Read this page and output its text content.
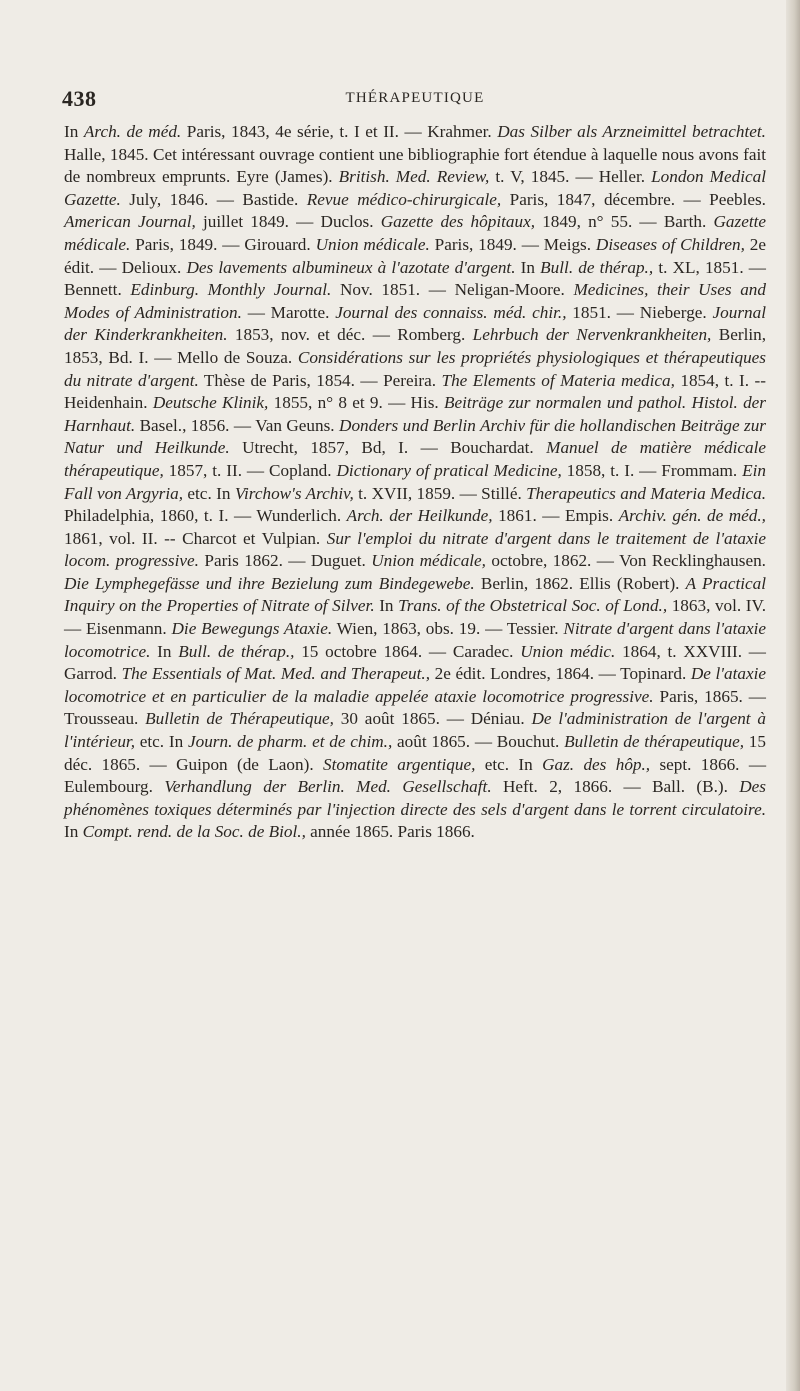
438	THÉRAPEUTIQUE
In Arch. de méd. Paris, 1843, 4e série, t. I et II. — Krahmer. Das Silber als Arzneimittel betrachtet. Halle, 1845. Cet intéressant ouvrage contient une bibliographie fort étendue à laquelle nous avons fait de nombreux emprunts. Eyre (James). British. Med. Review, t. V, 1845. — Heller. London Medical Gazette. July, 1846. — Bastide. Revue médico-chirurgicale, Paris, 1847, décembre. — Peebles. American Journal, juillet 1849. — Duclos. Gazette des hôpitaux, 1849, n° 55. — Barth. Gazette médicale. Paris, 1849. — Girouard. Union médicale. Paris, 1849. — Meigs. Diseases of Children, 2e édit. — Delioux. Des lavements albumineux à l'azotate d'argent. In Bull. de thérap., t. XL, 1851. — Bennett. Edinburg. Monthly Journal. Nov. 1851. — Neligan-Moore. Medicines, their Uses and Modes of Administration. — Marotte. Journal des connaiss. méd. chir., 1851. — Nieberge. Journal der Kinderkrankheiten. 1853, nov. et déc. — Romberg. Lehrbuch der Nervenkrankheiten, Berlin, 1853, Bd. I. — Mello de Souza. Considérations sur les propriétés physiologiques et thérapeutiques du nitrate d'argent. Thèse de Paris, 1854. — Pereira. The Elements of Materia medica, 1854, t. I. -- Heidenhain. Deutsche Klinik, 1855, n° 8 et 9. — His. Beiträge zur normalen und pathol. Histol. der Harnhaut. Basel., 1856. — Van Geuns. Donders und Berlin Archiv für die hollandischen Beiträge zur Natur und Heilkunde. Utrecht, 1857, Bd, I. — Bouchardat. Manuel de matière médicale thérapeutique, 1857, t. II. — Copland. Dictionary of pratical Medicine, 1858, t. I. — Frommam. Ein Fall von Argyria, etc. In Virchow's Archiv, t. XVII, 1859. — Stillé. Therapeutics and Materia Medica. Philadelphia, 1860, t. I. — Wunderlich. Arch. der Heilkunde, 1861. — Empis. Archiv. gén. de méd., 1861, vol. II. -- Charcot et Vulpian. Sur l'emploi du nitrate d'argent dans le traitement de l'ataxie locom. progressive. Paris 1862. — Duguet. Union médicale, octobre, 1862. — Von Recklinghausen. Die Lymphegefässe und ihre Bezielung zum Bindegewebe. Berlin, 1862. Ellis (Robert). A Practical Inquiry on the Properties of Nitrate of Silver. In Trans. of the Obstetrical Soc. of Lond., 1863, vol. IV. — Eisenmann. Die Bewegungs Ataxie. Wien, 1863, obs. 19. — Tessier. Nitrate d'argent dans l'ataxie locomotrice. In Bull. de thérap., 15 octobre 1864. — Caradec. Union médic. 1864, t. XXVIII. — Garrod. The Essentials of Mat. Med. and Therapeut., 2e édit. Londres, 1864. — Topinard. De l'ataxie locomotrice et en particulier de la maladie appelée ataxie locomotrice progressive. Paris, 1865. — Trousseau. Bulletin de Thérapeutique, 30 août 1865. — Déniau. De l'administration de l'argent à l'intérieur, etc. In Journ. de pharm. et de chim., août 1865. — Bouchut. Bulletin de thérapeutique, 15 déc. 1865. — Guipon (de Laon). Stomatite argentique, etc. In Gaz. des hôp., sept. 1866. — Eulembourg. Verhandlung der Berlin. Med. Gesellschaft. Heft. 2, 1866. — Ball. (B.). Des phénomènes toxiques déterminés par l'injection directe des sels d'argent dans le torrent circulatoire. In Compt. rend. de la Soc. de Biol., année 1865. Paris 1866.
